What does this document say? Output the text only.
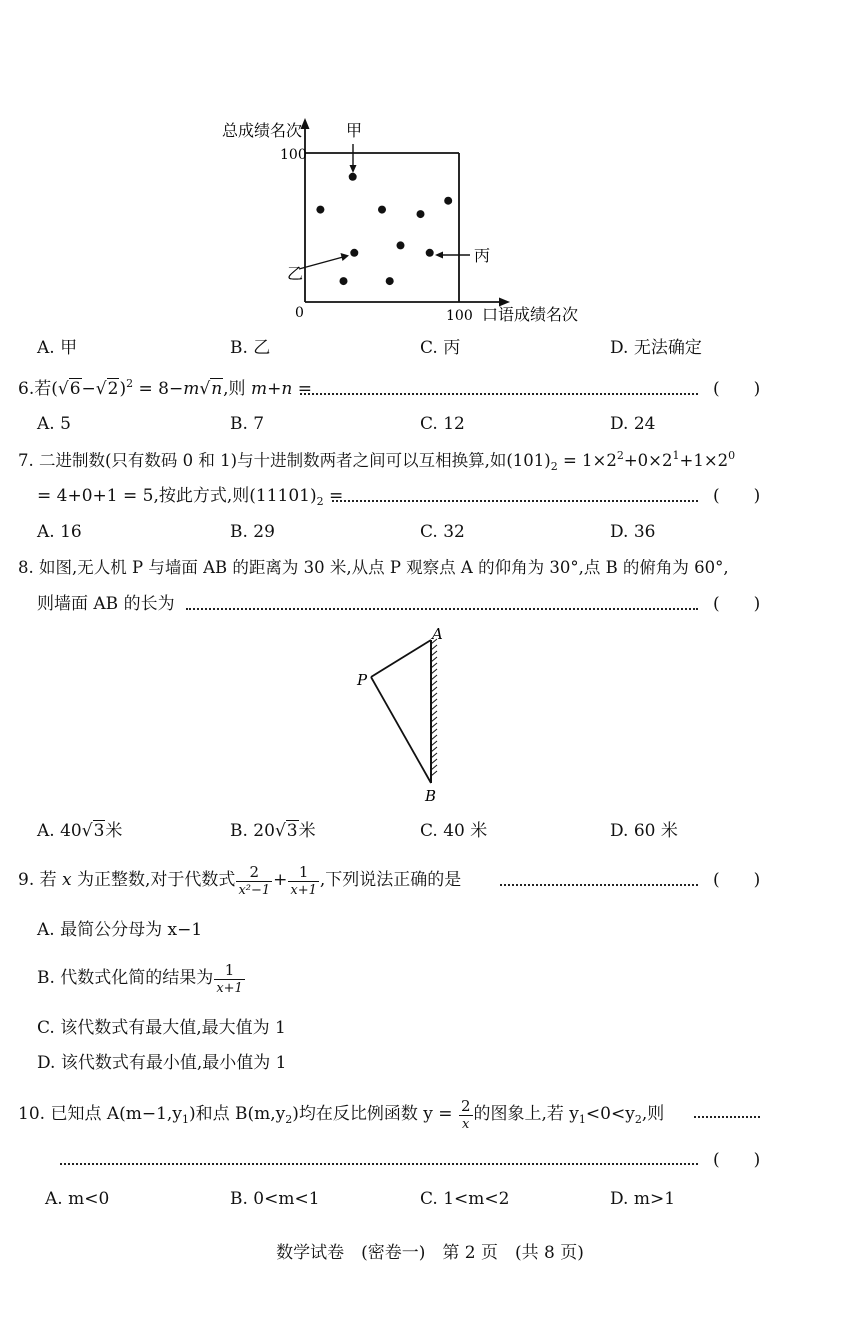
总成绩名次
口语成绩名次
0	100
100
甲
乙
丙
A. 甲	B. 乙	C. 丙	D. 无法确定
6.若$(√6-√2)^2 = 8-m√n$,则 m+n =	(　　)
A. 5	B. 7	C. 12	D. 24
7. 二进制数(只有数码 0 和 1)与十进制数两者之间可以互相换算,如$(101)_2 = 1\times 2^2+0\times 2^1+1\times 2^0$
= 4+0+1 = 5,按此方式,则$(11101)_2$ =	(　　)
A. 16	B. 29	C. 32	D. 36
8. 如图,无人机 P 与墙面 AB 的距离为 30 米,从点 P 观察点 A 的仰角为 30°,点 B 的俯角为 60°,
则墙面 AB 的长为	(　　)
A
B
P
A. 40√3米	B. 20√3米	C. 40 米	D. 60 米
9. 若 x 为正整数,对于代数式 $\frac{2}{\text{x²−1}} + \frac{1}{x+1}$ ,下列说法正确的是	(　　)
A. 最简公分母为 x−1
B. 代数式化简的结果为 $\frac{1}{x+1}$
C. 该代数式有最大值,最大值为 1
D. 该代数式有最小值,最小值为 1
10. 已知点 $A(m-1,y_1)$和点 $B(m,y_2)$均在反比例函数 $y = \frac{2}{x}$ 的图象上,若 $y_1<0<y_2$,则
(　　)
A. m<0	B. 0<m<1	C. 1<m<2	D. m>1
数学试卷　(密卷一)　第 2 页　(共 8 页)
